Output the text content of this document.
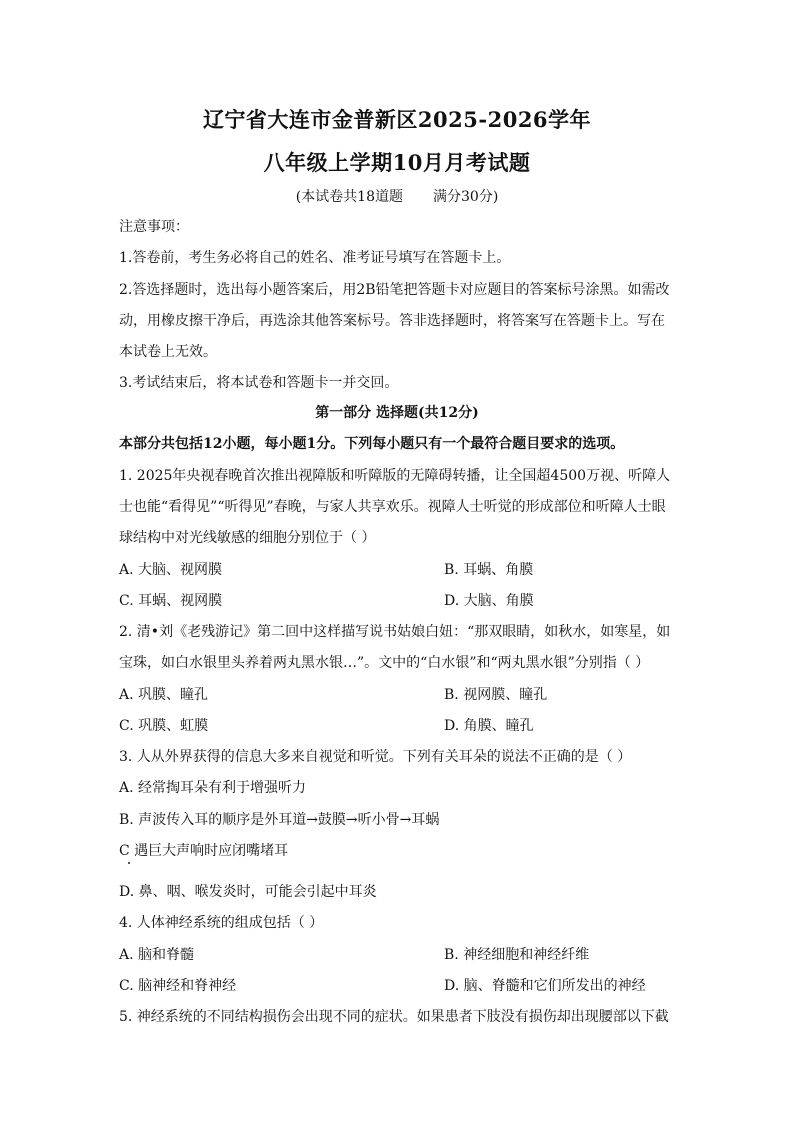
辽宁省大连市金普新区2025-2026学年
八年级上学期10月月考试题
(本试卷共18道题 满分30分)
注意事项：
1.答卷前，考生务必将自己的姓名、准考证号填写在答题卡上。
2.答选择题时，选出每小题答案后，用2B铅笔把答题卡对应题目的答案标号涂黑。如需改
动，用橡皮擦干净后，再选涂其他答案标号。答非选择题时，将答案写在答题卡上。写在
本试卷上无效。
3.考试结束后，将本试卷和答题卡一并交回。
第一部分 选择题(共12分)
本部分共包括12小题，每小题1分。下列每小题只有一个最符合题目要求的选项。
1. 2025年央视春晚首次推出视障版和听障版的无障碍转播，让全国超4500万视、听障人
士也能“看得见”“听得见”春晚，与家人共享欢乐。视障人士听觉的形成部位和听障人士眼
球结构中对光线敏感的细胞分别位于（ ）
A. 大脑、视网膜	B. 耳蜗、角膜
C. 耳蜗、视网膜	D. 大脑、角膜
2. 清•刘《老残游记》第二回中这样描写说书姑娘白妞：“那双眼睛，如秋水，如寒星，如
宝珠，如白水银里头养着两丸黑水银…”。文中的“白水银”和“两丸黑水银”分别指（ ）
A. 巩膜、瞳孔	B. 视网膜、瞳孔
C. 巩膜、虹膜	D. 角膜、瞳孔
3. 人从外界获得的信息大多来自视觉和听觉。下列有关耳朵的说法不正确的是（ ）
A. 经常掏耳朵有利于增强听力
B. 声波传入耳的顺序是外耳道→鼓膜→听小骨→耳蜗
C 遇巨大声响时应闭嘴堵耳
D. 鼻、咽、喉发炎时，可能会引起中耳炎
4. 人体神经系统的组成包括（ ）
A. 脑和脊髓	B. 神经细胞和神经纤维
C. 脑神经和脊神经	D. 脑、脊髓和它们所发出的神经
5. 神经系统的不同结构损伤会出现不同的症状。如果患者下肢没有损伤却出现腰部以下截
